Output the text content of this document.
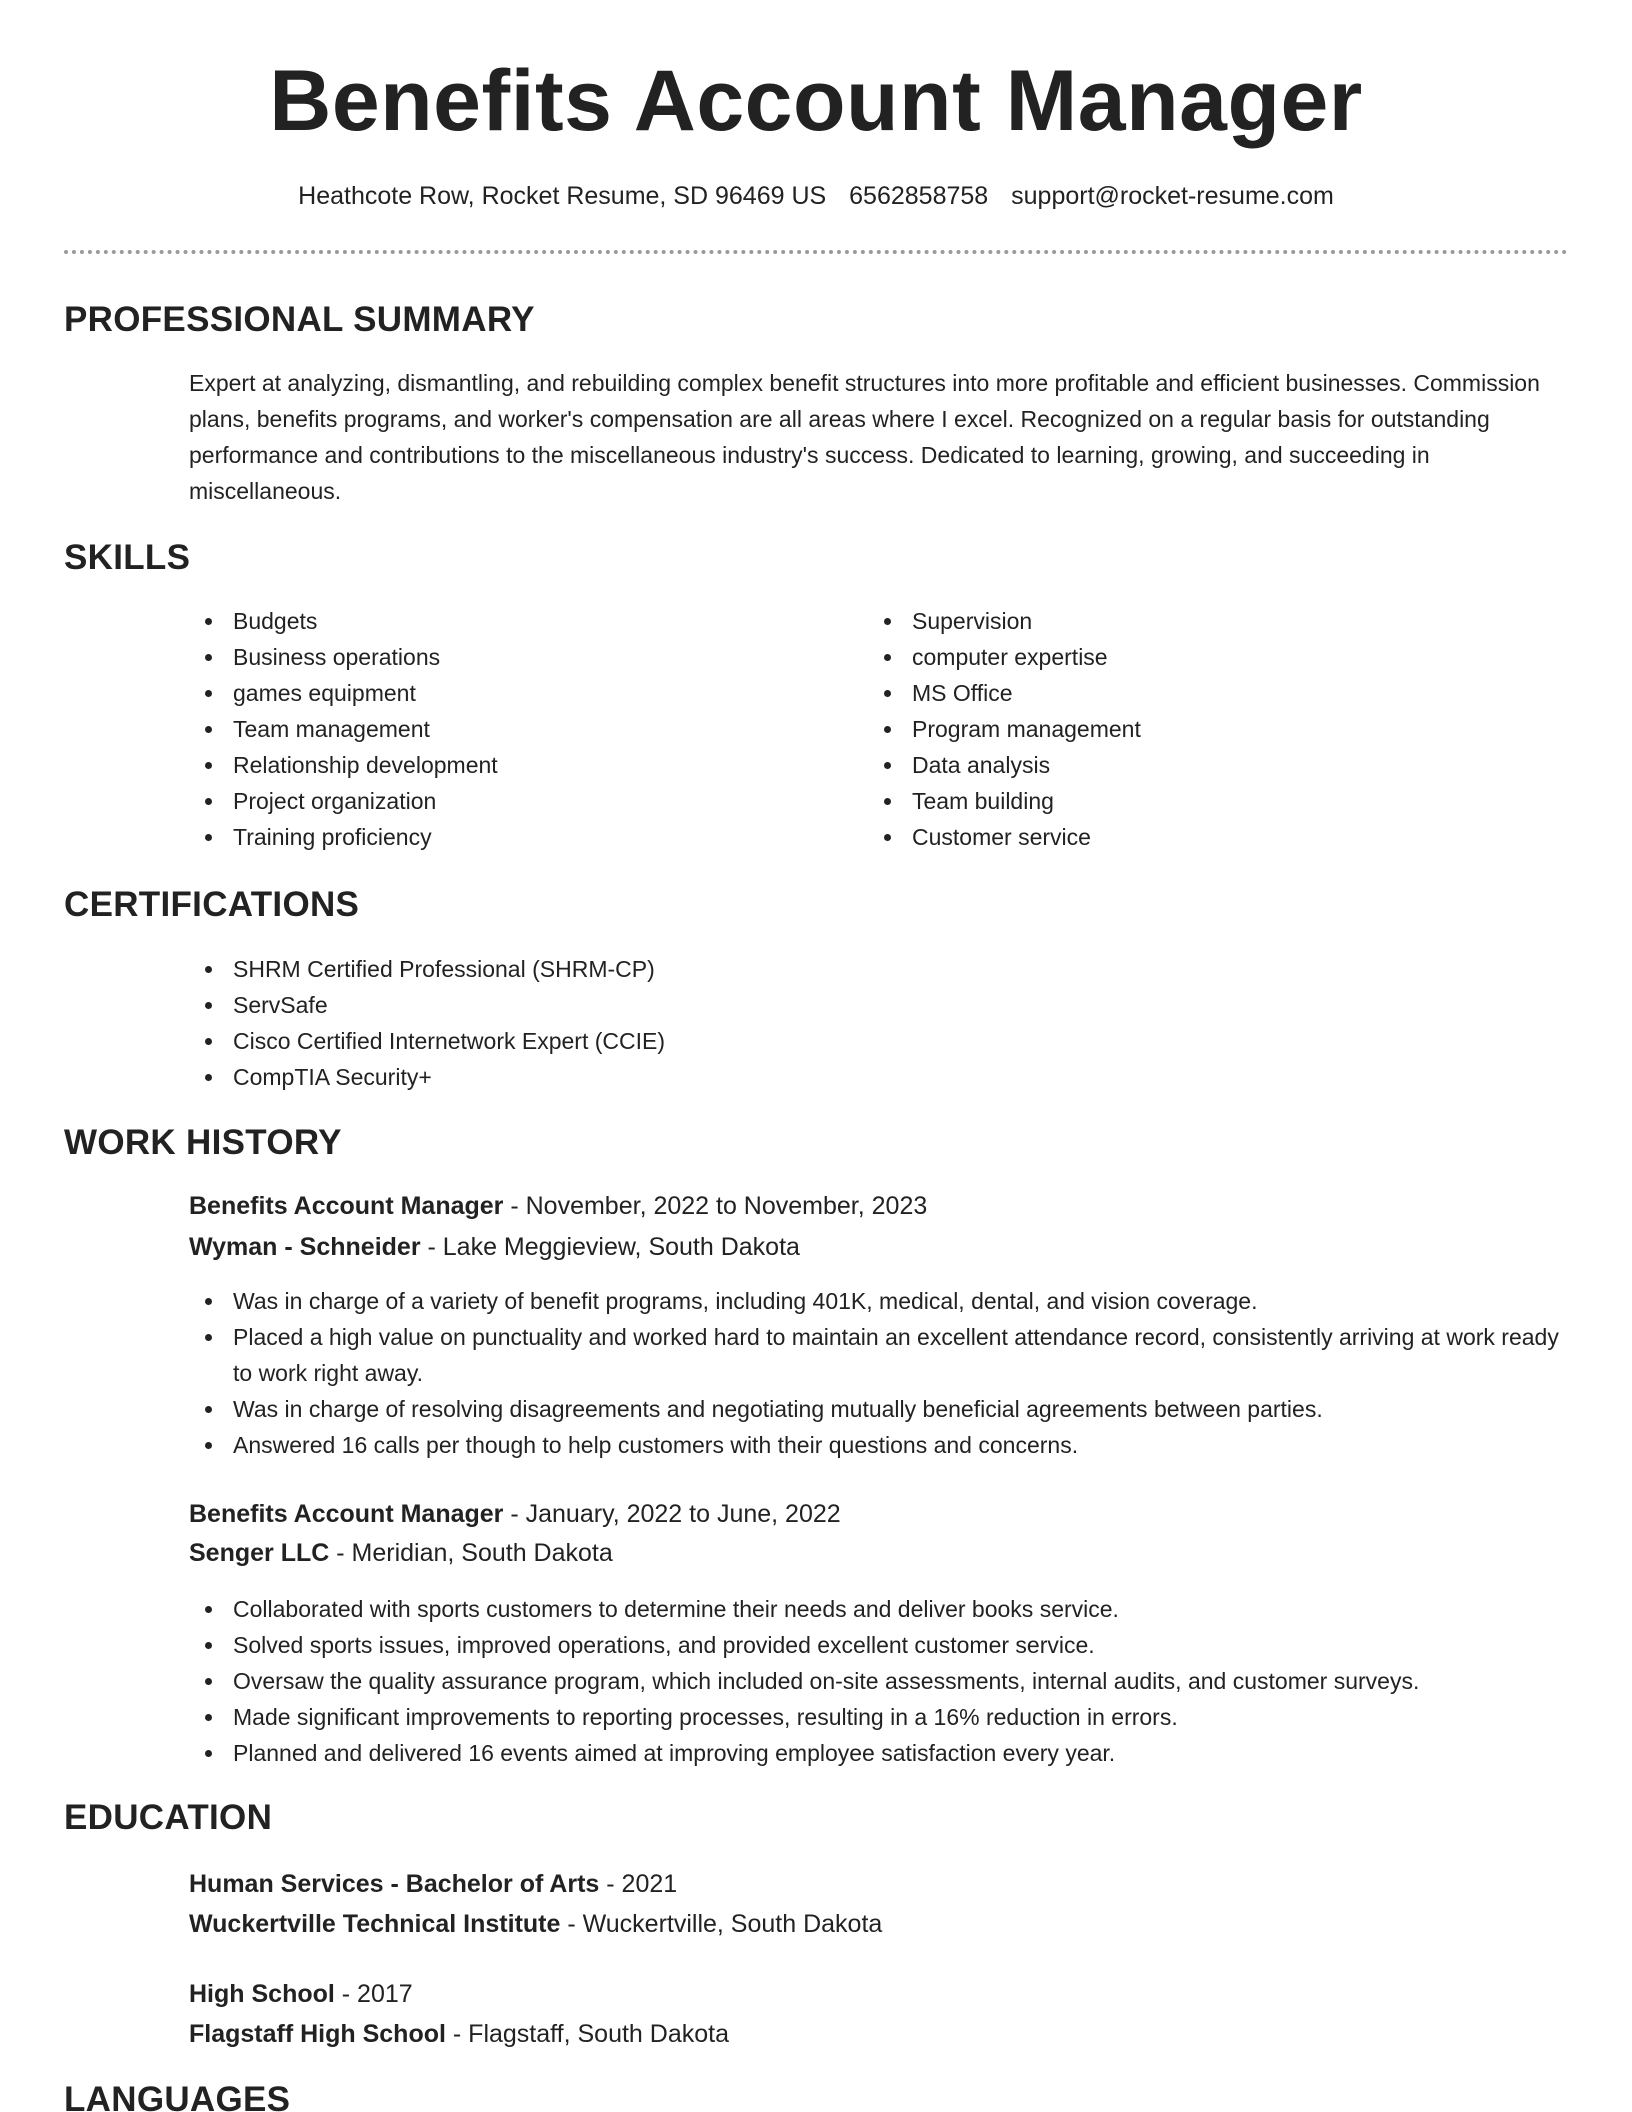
Benefits Account Manager
Heathcote Row, Rocket Resume, SD 96469 US 6562858758 support@rocket-resume.com
PROFESSIONAL SUMMARY
Expert at analyzing, dismantling, and rebuilding complex benefit structures into more profitable and efficient businesses. Commission plans, benefits programs, and worker's compensation are all areas where I excel. Recognized on a regular basis for outstanding performance and contributions to the miscellaneous industry's success. Dedicated to learning, growing, and succeeding in miscellaneous.
SKILLS
Budgets
Business operations
games equipment
Team management
Relationship development
Project organization
Training proficiency
Supervision
computer expertise
MS Office
Program management
Data analysis
Team building
Customer service
CERTIFICATIONS
SHRM Certified Professional (SHRM-CP)
ServSafe
Cisco Certified Internetwork Expert (CCIE)
CompTIA Security+
WORK HISTORY
Benefits Account Manager - November, 2022 to November, 2023
Wyman - Schneider - Lake Meggieview, South Dakota
Was in charge of a variety of benefit programs, including 401K, medical, dental, and vision coverage.
Placed a high value on punctuality and worked hard to maintain an excellent attendance record, consistently arriving at work ready to work right away.
Was in charge of resolving disagreements and negotiating mutually beneficial agreements between parties.
Answered 16 calls per though to help customers with their questions and concerns.
Benefits Account Manager - January, 2022 to June, 2022
Senger LLC - Meridian, South Dakota
Collaborated with sports customers to determine their needs and deliver books service.
Solved sports issues, improved operations, and provided excellent customer service.
Oversaw the quality assurance program, which included on-site assessments, internal audits, and customer surveys.
Made significant improvements to reporting processes, resulting in a 16% reduction in errors.
Planned and delivered 16 events aimed at improving employee satisfaction every year.
EDUCATION
Human Services - Bachelor of Arts - 2021
Wuckertville Technical Institute - Wuckertville, South Dakota
High School - 2017
Flagstaff High School - Flagstaff, South Dakota
LANGUAGES
